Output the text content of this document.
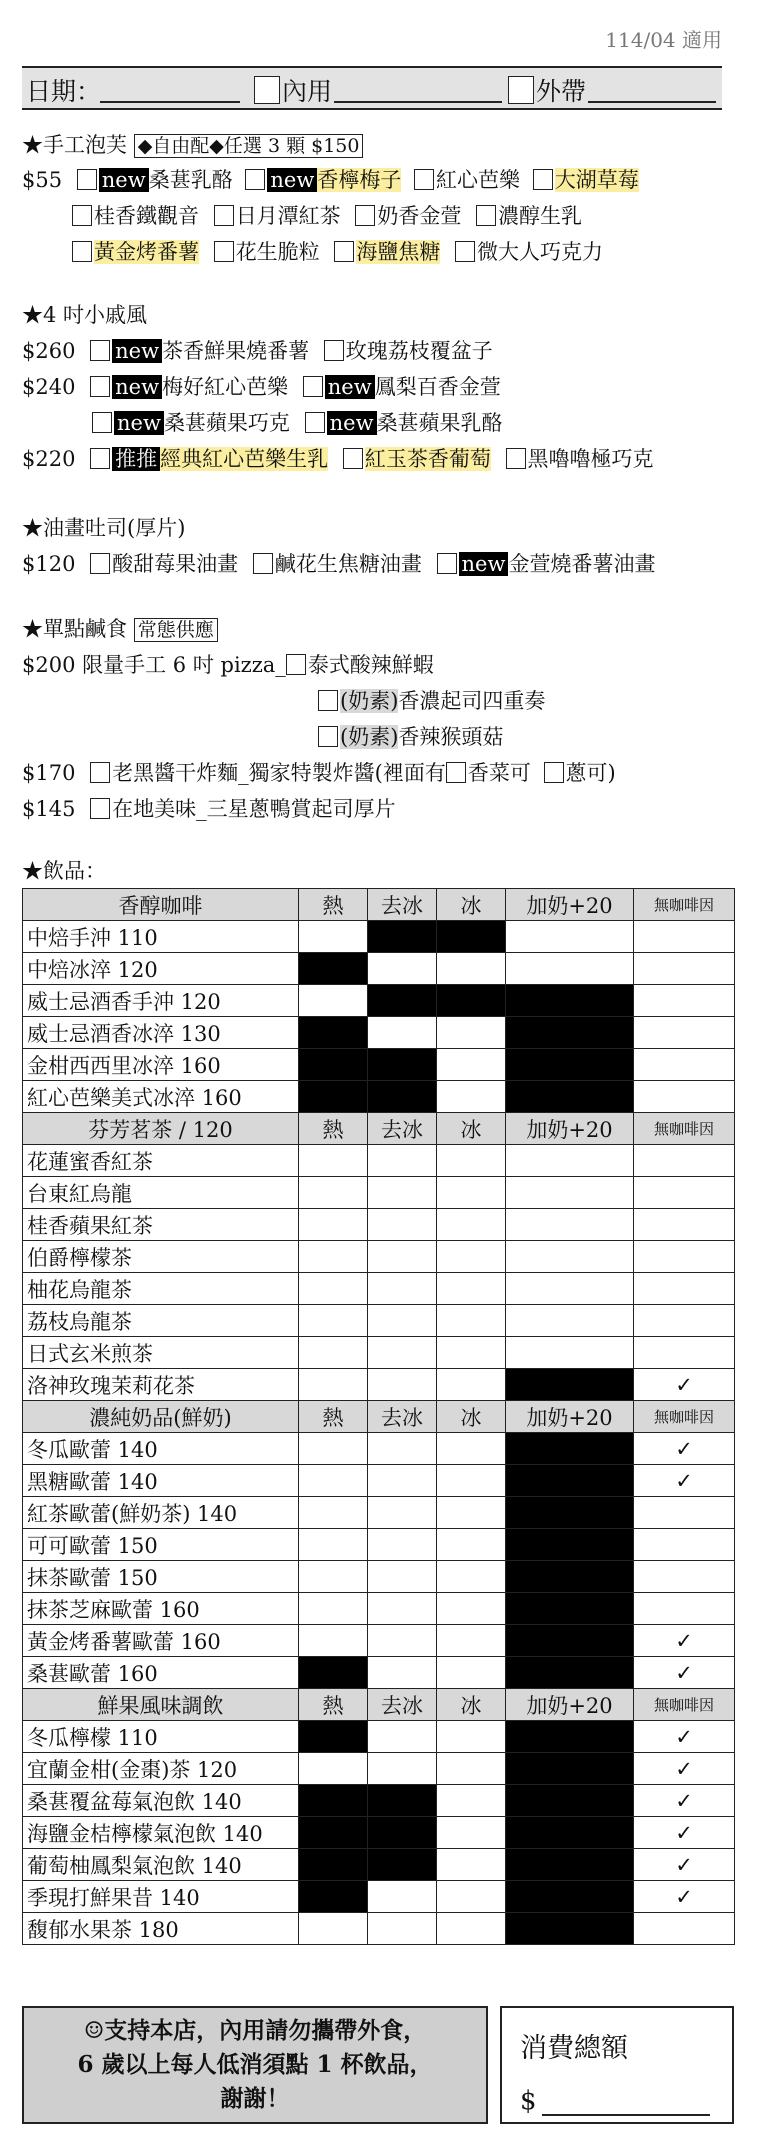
114/04 適用
日期：	內用	外帶
★手工泡芙 ◆自由配◆任選 3 顆 $150
$55 new 桑葚乳酪 new 香檸梅子 紅心芭樂 大湖草莓
桂香鐵觀音 日月潭紅茶 奶香金萱 濃醇生乳
黃金烤番薯 花生脆粒 海鹽焦糖 微大人巧克力
★4 吋小戚風
$260 new 茶香鮮果燒番薯 玫瑰荔枝覆盆子
$240 new 梅好紅心芭樂 new 鳳梨百香金萱
new 桑葚蘋果巧克 new 桑葚蘋果乳酪
$220 推推 經典紅心芭樂生乳 紅玉茶香葡萄 黑嚕嚕極巧克
★油畫吐司(厚片)
$120 酸甜莓果油畫 鹹花生焦糖油畫 new 金萱燒番薯油畫
★單點鹹食 常態供應
$200 限量手工 6 吋 pizza_ 泰式酸辣鮮蝦
(奶素)香濃起司四重奏
(奶素)香辣猴頭菇
$170 老黑醬干炸麵_獨家特製炸醬(裡面有 香菜可 蔥可)
$145 在地美味_三星蔥鴨賞起司厚片
★飲品：
香醇咖啡	熱	去冰	冰	加奶+20	無咖啡因
中焙手沖 110					
中焙冰淬 120					
威士忌酒香手沖 120					
威士忌酒香冰淬 130					
金柑西西里冰淬 160					
紅心芭樂美式冰淬 160					
芬芳茗茶 / 120	熱	去冰	冰	加奶+20	無咖啡因
花蓮蜜香紅茶					
台東紅烏龍					
桂香蘋果紅茶					
伯爵檸檬茶					
柚花烏龍茶					
荔枝烏龍茶					
日式玄米煎茶					
洛神玫瑰茉莉花茶					✓
濃純奶品(鮮奶)	熱	去冰	冰	加奶+20	無咖啡因
冬瓜歐蕾 140					✓
黑糖歐蕾 140					✓
紅茶歐蕾(鮮奶茶) 140					
可可歐蕾 150					
抹茶歐蕾 150					
抹茶芝麻歐蕾 160					
黃金烤番薯歐蕾 160					✓
桑葚歐蕾 160					✓
鮮果風味調飲	熱	去冰	冰	加奶+20	無咖啡因
冬瓜檸檬 110					✓
宜蘭金柑(金棗)茶 120					✓
桑葚覆盆莓氣泡飲 140					✓
海鹽金桔檸檬氣泡飲 140					✓
葡萄柚鳳梨氣泡飲 140					✓
季現打鮮果昔 140					✓
馥郁水果茶 180					
☺支持本店，內用請勿攜帶外食，
6 歲以上每人低消須點 1 杯飲品，
謝謝！
消費總額
$
